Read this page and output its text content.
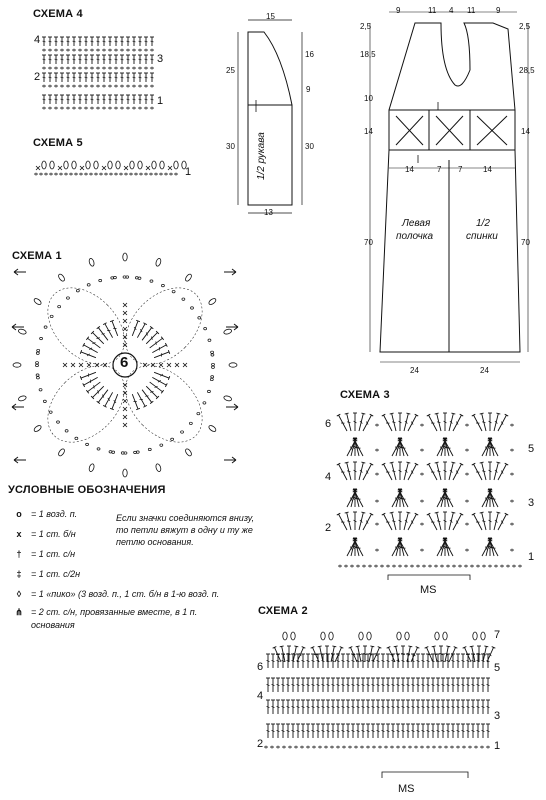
СХЕМА 4
СХЕМА 5
СХЕМА 1
СХЕМА 3
СХЕМА 2
4
3
2
1
1
15
16
25
9
30	30
13
1/2 рукава
9	11 4 11	9
2,5
18,5
10
14
70
2,5
28,5
14
70
14	7 7	14
24	24
Левая
полочка
1/2
спинки
6
6
5
4
3
2
1
MS
7
6	5
4
3
2	1
MS
УСЛОВНЫЕ ОБОЗНАЧЕНИЯ
o	= 1 возд. п.
x	= 1 ст. б/н
†	= 1 ст. с/н
‡	= 1 ст. с/2н
◊	= 1 «пико» (3 возд. п., 1 ст. б/н в 1-ю возд. п.
⋔ = 2 ст. с/н, провязанные вместе, в 1 п.
основания
Если значки соединяются внизу, то петли вяжут в одну и ту же петлю основания.
